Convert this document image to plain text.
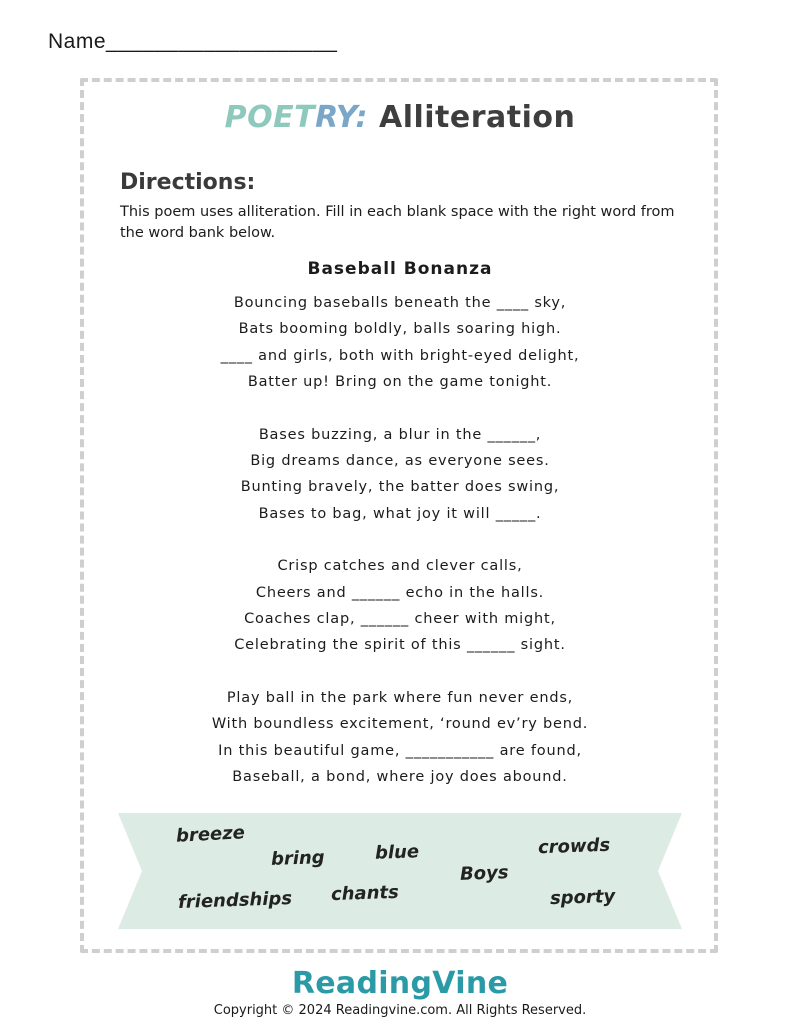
Name___________________
POETRY: Alliteration
Directions:
This poem uses alliteration. Fill in each blank space with the right word from the word bank below.
Baseball Bonanza
Bouncing baseballs beneath the ____ sky,
Bats booming boldly, balls soaring high.
____ and girls, both with bright-eyed delight,
Batter up! Bring on the game tonight.
Bases buzzing, a blur in the ______,
Big dreams dance, as everyone sees.
Bunting bravely, the batter does swing,
Bases to bag, what joy it will _____.
Crisp catches and clever calls,
Cheers and ______ echo in the halls.
Coaches clap, ______ cheer with might,
Celebrating the spirit of this ______ sight.
Play ball in the park where fun never ends,
With boundless excitement, ‘round ev’ry bend.
In this beautiful game, ___________ are found,
Baseball, a bond, where joy does abound.
breeze
bring	blue	crowds
Boys
friendships chants	sporty
ReadingVine
Copyright © 2024 Readingvine.com. All Rights Reserved.
